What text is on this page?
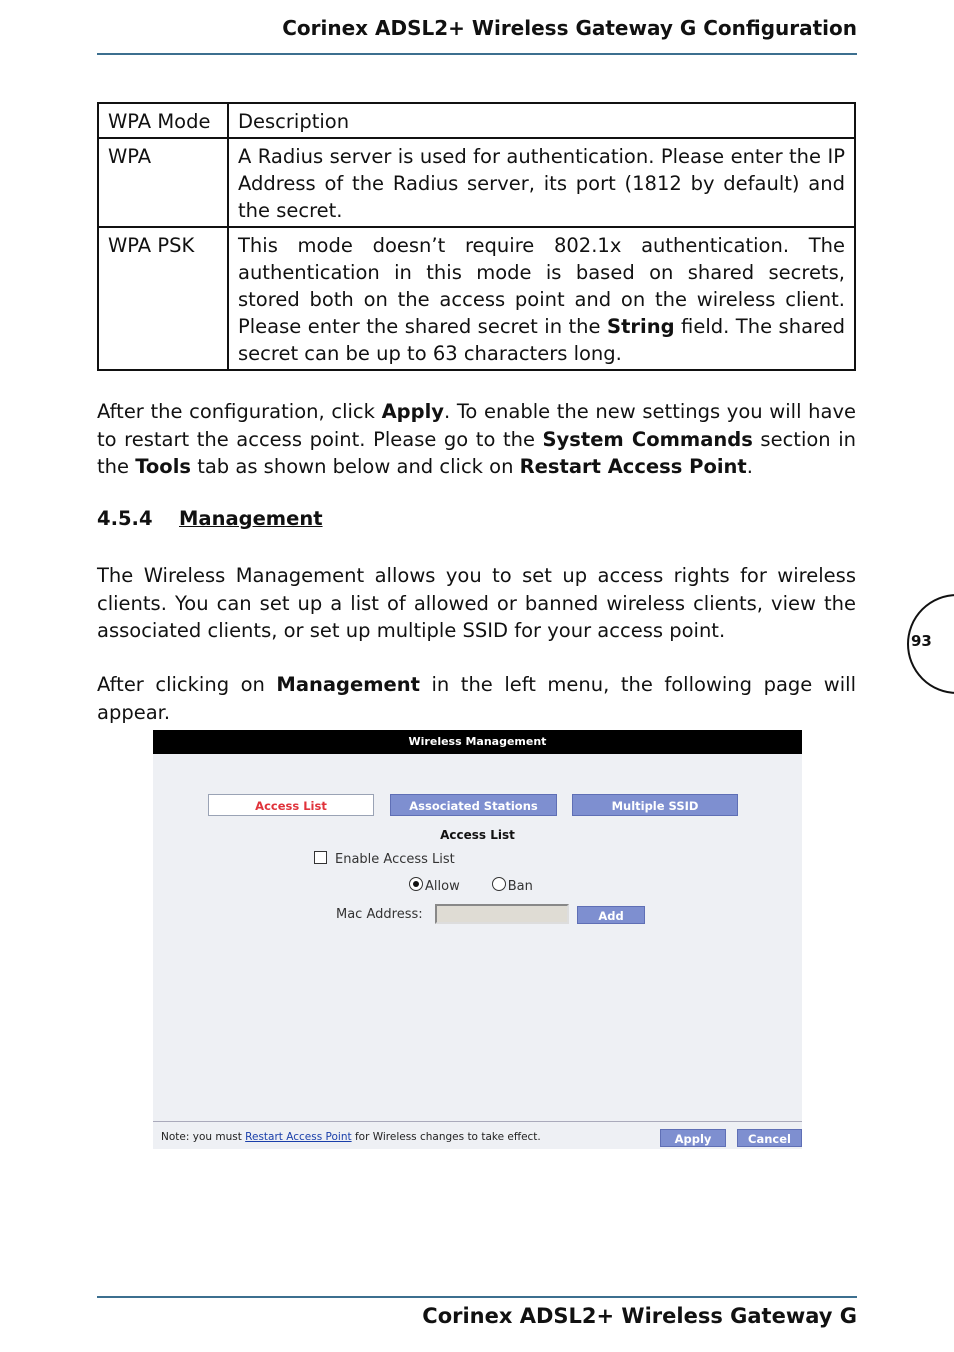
Corinex ADSL2+ Wireless Gateway G Configuration
WPA Mode	Description
WPA	A Radius server is used for authentication. Please enter the IP Address of the Radius server, its port (1812 by default) and the secret.
WPA PSK	This mode doesn’t require 802.1x authentication. The authentication in this mode is based on shared secrets, stored both on the access point and on the wireless client. Please enter the shared secret in the String field. The shared secret can be up to 63 characters long.
After the configuration, click Apply. To enable the new settings you will have to restart the access point. Please go to the System Commands section in the Tools tab as shown below and click on Restart Access Point.
4.5.4 Management
The Wireless Management allows you to set up access rights for wireless clients. You can set up a list of allowed or banned wireless clients, view the associated clients, or set up multiple SSID for your access point.
After clicking on Management in the left menu, the following page will appear.
93
Wireless Management
Access List	Associated Stations	Multiple SSID
Access List
Enable Access List
Allow	Ban
Mac Address:	Add
Note: you must Restart Access Point for Wireless changes to take effect.	Apply	Cancel
Corinex ADSL2+ Wireless Gateway G
